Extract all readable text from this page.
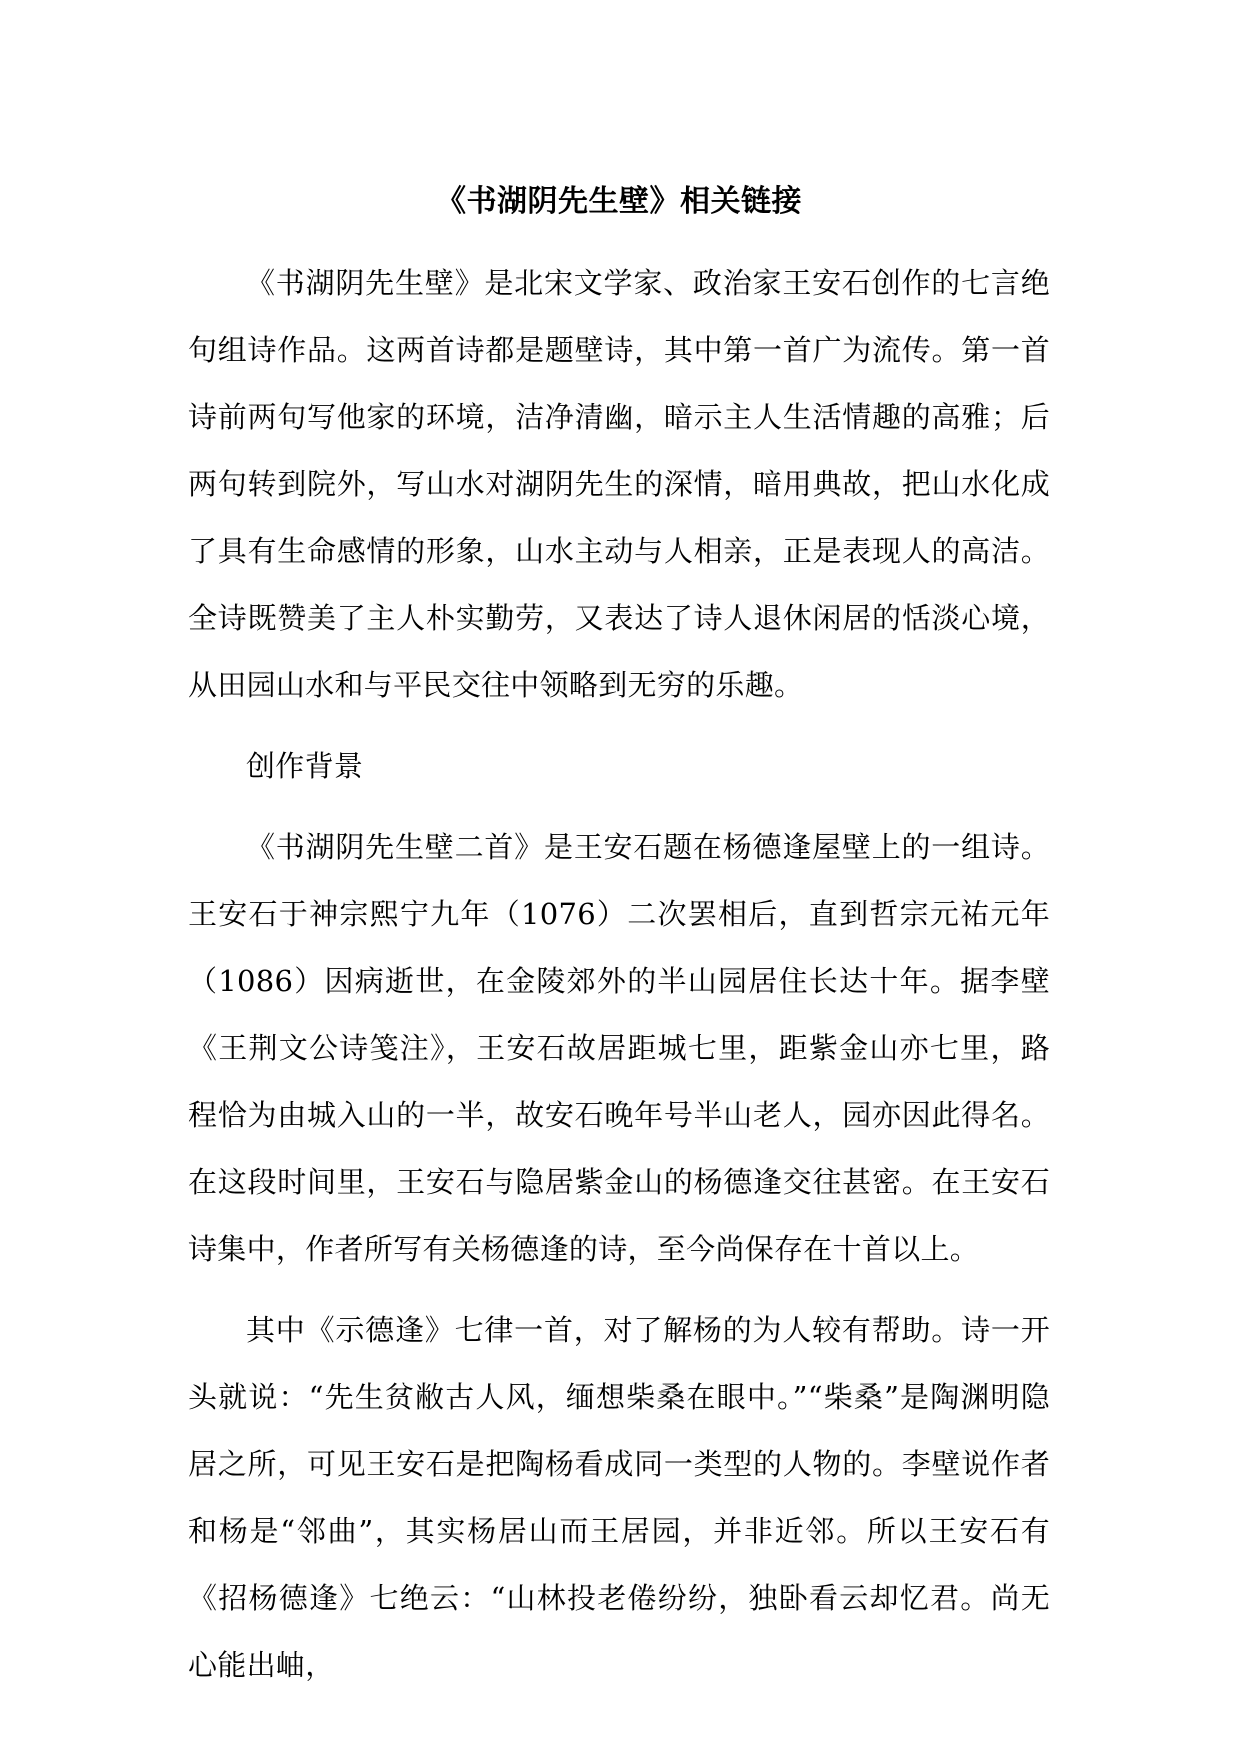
《书湖阴先生壁》相关链接

《书湖阴先生壁》是北宋文学家、政治家王安石创作的七言绝句组诗作品。这两首诗都是题壁诗，其中第一首广为流传。第一首诗前两句写他家的环境，洁净清幽，暗示主人生活情趣的高雅；后两句转到院外，写山水对湖阴先生的深情，暗用典故，把山水化成了具有生命感情的形象，山水主动与人相亲，正是表现人的高洁。全诗既赞美了主人朴实勤劳，又表达了诗人退休闲居的恬淡心境，从田园山水和与平民交往中领略到无穷的乐趣。

创作背景

《书湖阴先生壁二首》是王安石题在杨德逢屋壁上的一组诗。王安石于神宗熙宁九年（1076）二次罢相后，直到哲宗元祐元年（1086）因病逝世，在金陵郊外的半山园居住长达十年。据李壁《王荆文公诗笺注》，王安石故居距城七里，距紫金山亦七里，路程恰为由城入山的一半，故安石晚年号半山老人，园亦因此得名。在这段时间里，王安石与隐居紫金山的杨德逢交往甚密。在王安石诗集中，作者所写有关杨德逢的诗，至今尚保存在十首以上。

其中《示德逢》七律一首，对了解杨的为人较有帮助。诗一开头就说：“先生贫敝古人风，缅想柴桑在眼中。”“柴桑”是陶渊明隐居之所，可见王安石是把陶杨看成同一类型的人物的。李壁说作者和杨是“邻曲”，其实杨居山而王居园，并非近邻。所以王安石有《招杨德逢》七绝云：“山林投老倦纷纷，独卧看云却忆君。尚无心能出岫，
